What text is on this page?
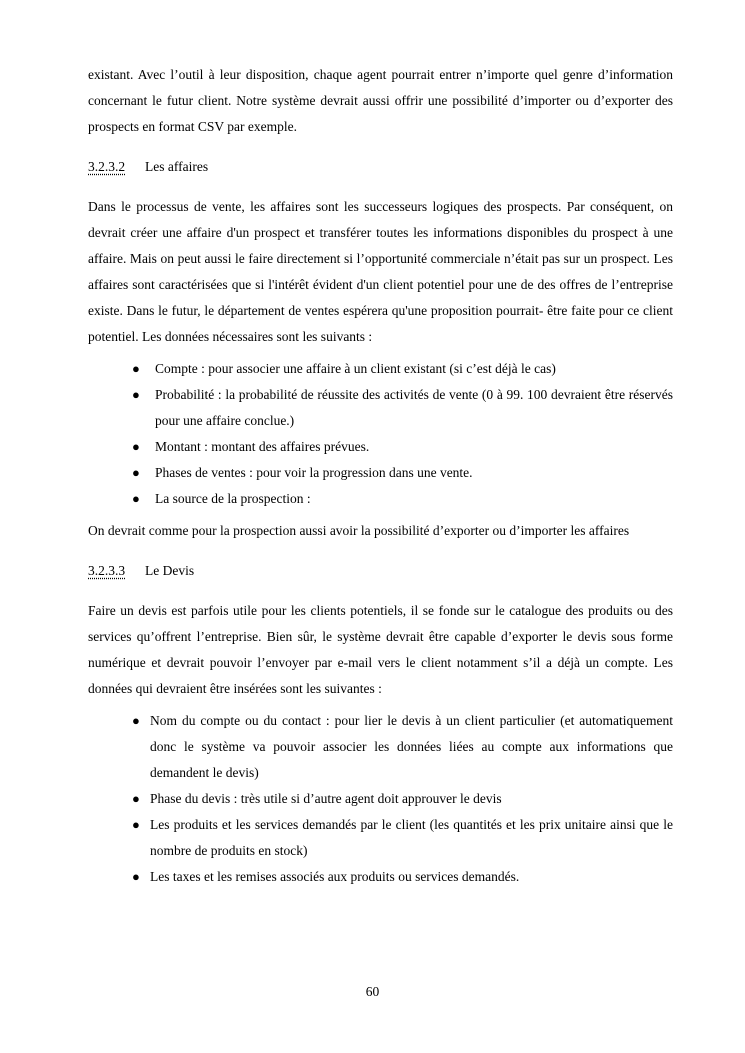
existant. Avec l’outil à leur disposition, chaque agent pourrait entrer n’importe quel genre d’information concernant le futur client. Notre système devrait aussi offrir une possibilité d’importer ou d’exporter des prospects en format CSV par exemple.

3.2.3.2	Les affaires

Dans le processus de vente, les affaires sont les successeurs logiques des prospects. Par conséquent, on devrait créer une affaire d'un prospect et transférer toutes les informations disponibles du prospect à une affaire. Mais on peut aussi le faire directement si l’opportunité commerciale n’était pas sur un prospect. Les affaires sont caractérisées que si l'intérêt évident d'un client potentiel pour une de des offres de l’entreprise existe. Dans le futur, le département de ventes espérera qu'une proposition pourrait- être faite pour ce client potentiel. Les données nécessaires sont les suivants :

● Compte : pour associer une affaire à un client existant (si c’est déjà le cas)
● Probabilité : la probabilité de réussite des activités de vente (0 à 99. 100 devraient être réservés pour une affaire conclue.)
● Montant : montant des affaires prévues.
● Phases de ventes : pour voir la progression dans une vente.
● La source de la prospection :

On devrait comme pour la prospection aussi avoir la possibilité d’exporter ou d’importer les affaires

3.2.3.3	Le Devis

Faire un devis est parfois utile pour les clients potentiels, il se fonde sur le catalogue des produits ou des services qu’offrent l’entreprise. Bien sûr, le système devrait être capable d’exporter le devis sous forme numérique et devrait pouvoir l’envoyer par e-mail vers le client notamment s’il a déjà un compte. Les données qui devraient être insérées sont les suivantes :

● Nom du compte ou du contact : pour lier le devis à un client particulier (et automatiquement donc le système va pouvoir associer les données liées au compte aux informations que demandent le devis)
● Phase du devis : très utile si d’autre agent doit approuver le devis
● Les produits et les services demandés par le client (les quantités et les prix unitaire ainsi que le nombre de produits en stock)
● Les taxes et les remises associés aux produits ou services demandés.
60
